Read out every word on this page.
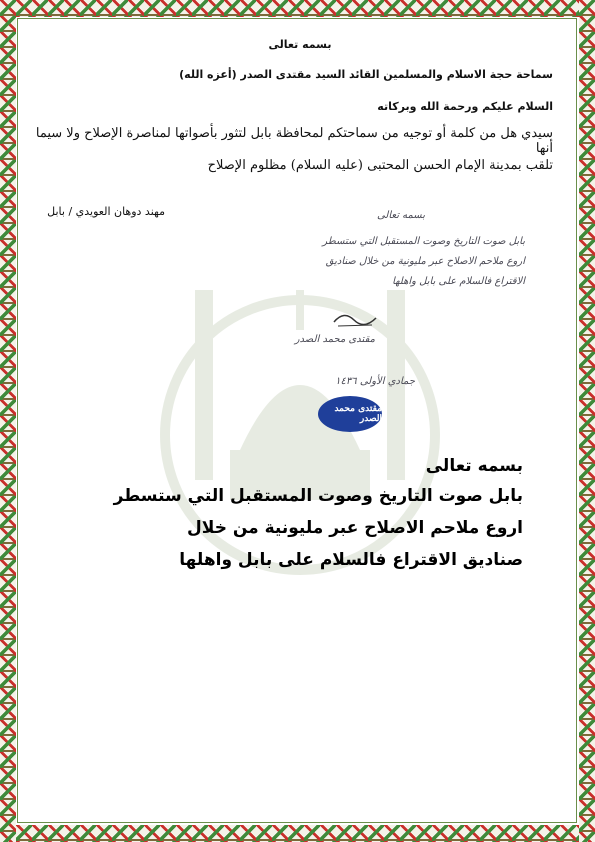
بسمه تعالى
سماحة حجة الاسلام والمسلمين القائد السيد مقتدى الصدر (أعزه الله)
السلام عليكم ورحمة الله وبركاته
سيدي هل من كلمة أو توجيه من سماحتكم لمحافظة بابل لتثور بأصواتها لمناصرة الإصلاح ولا سيما أنها
تلقب بمدينة الإمام الحسن المحتبى (عليه السلام) مظلوم الإصلاح
مهند دوهان العويدي / بابل	بسمه تعالى
بابل صوت التاريخ وصوت المستقبل التي ستسطر
اروع ملاحم الاصلاح عبر مليونية من خلال صناديق
الاقتراع فالسلام على بابل واهلها
مقتدى محمد الصدر
جمادي الأولى ١٤٣٦
مقتدى محمد الصدر
بسمه تعالى
بابل صوت التاريخ وصوت المستقبل التي ستسطر
اروع ملاحم الاصلاح عبر مليونية من خلال
صناديق الاقتراع فالسلام على بابل واهلها
